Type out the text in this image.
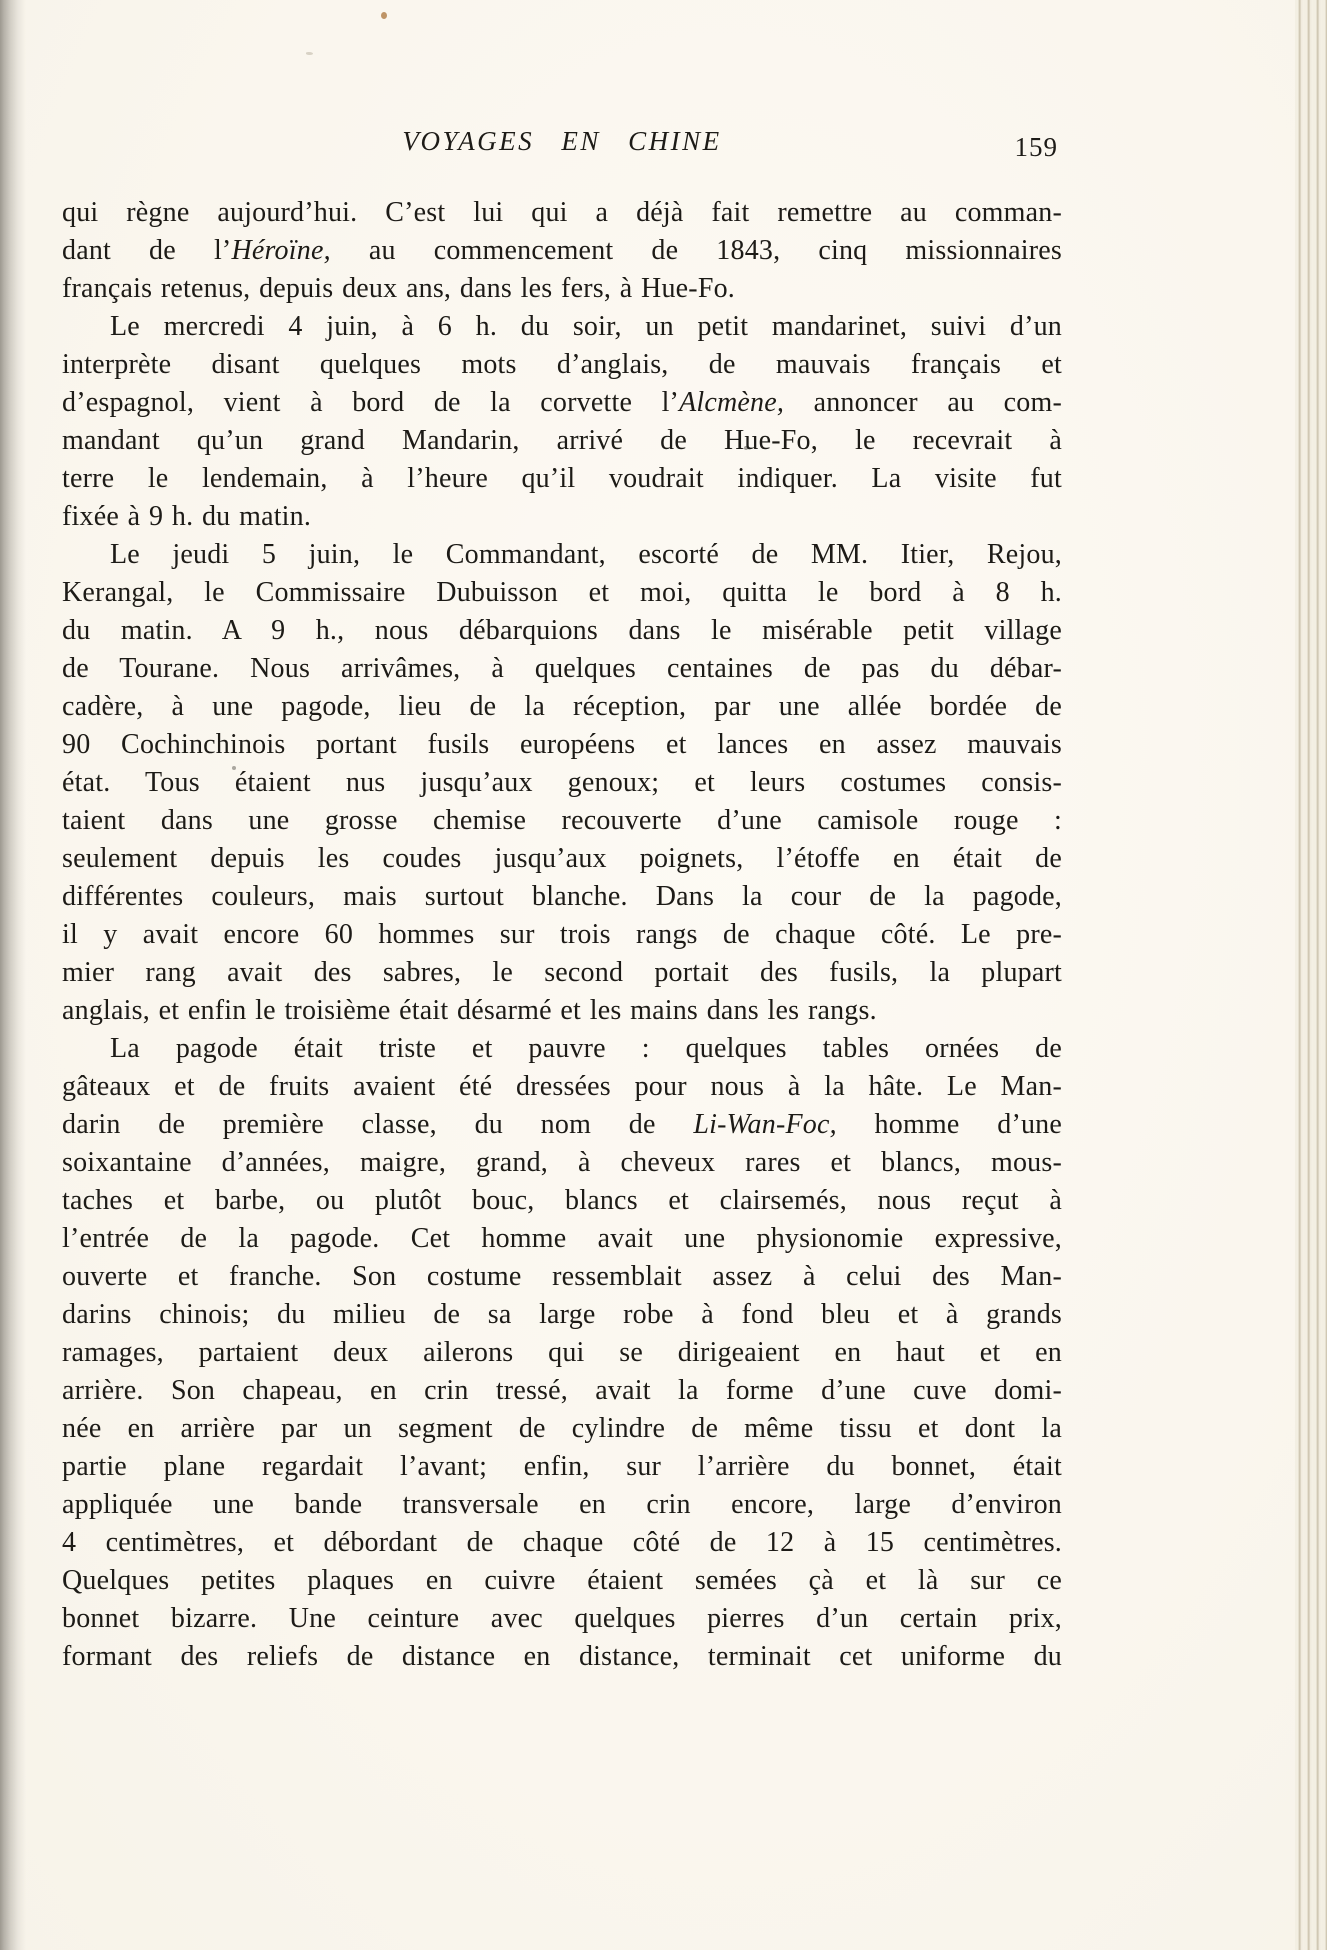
VOYAGES EN CHINE	159
qui règne aujourd’hui. C’est lui qui a déjà fait remettre au comman-
dant de l’Héroïne, au commencement de 1843, cinq missionnaires
français retenus, depuis deux ans, dans les fers, à Hue-Fo.
Le mercredi 4 juin, à 6 h. du soir, un petit mandarinet, suivi d’un
interprète disant quelques mots d’anglais, de mauvais français et
d’espagnol, vient à bord de la corvette l’Alcmène, annoncer au com-
mandant qu’un grand Mandarin, arrivé de Hue-Fo, le recevrait à
terre le lendemain, à l’heure qu’il voudrait indiquer. La visite fut
fixée à 9 h. du matin.
Le jeudi 5 juin, le Commandant, escorté de MM. Itier, Rejou,
Kerangal, le Commissaire Dubuisson et moi, quitta le bord à 8 h.
du matin. A 9 h., nous débarquions dans le misérable petit village
de Tourane. Nous arrivâmes, à quelques centaines de pas du débar-
cadère, à une pagode, lieu de la réception, par une allée bordée de
90 Cochinchinois portant fusils européens et lances en assez mauvais
état. Tous étaient nus jusqu’aux genoux; et leurs costumes consis-
taient dans une grosse chemise recouverte d’une camisole rouge :
seulement depuis les coudes jusqu’aux poignets, l’étoffe en était de
différentes couleurs, mais surtout blanche. Dans la cour de la pagode,
il y avait encore 60 hommes sur trois rangs de chaque côté. Le pre-
mier rang avait des sabres, le second portait des fusils, la plupart
anglais, et enfin le troisième était désarmé et les mains dans les rangs.
La pagode était triste et pauvre : quelques tables ornées de
gâteaux et de fruits avaient été dressées pour nous à la hâte. Le Man-
darin de première classe, du nom de Li-Wan-Foc, homme d’une
soixantaine d’années, maigre, grand, à cheveux rares et blancs, mous-
taches et barbe, ou plutôt bouc, blancs et clairsemés, nous reçut à
l’entrée de la pagode. Cet homme avait une physionomie expressive,
ouverte et franche. Son costume ressemblait assez à celui des Man-
darins chinois; du milieu de sa large robe à fond bleu et à grands
ramages, partaient deux ailerons qui se dirigeaient en haut et en
arrière. Son chapeau, en crin tressé, avait la forme d’une cuve domi-
née en arrière par un segment de cylindre de même tissu et dont la
partie plane regardait l’avant; enfin, sur l’arrière du bonnet, était
appliquée une bande transversale en crin encore, large d’environ
4 centimètres, et débordant de chaque côté de 12 à 15 centimètres.
Quelques petites plaques en cuivre étaient semées çà et là sur ce
bonnet bizarre. Une ceinture avec quelques pierres d’un certain prix,
formant des reliefs de distance en distance, terminait cet uniforme du
